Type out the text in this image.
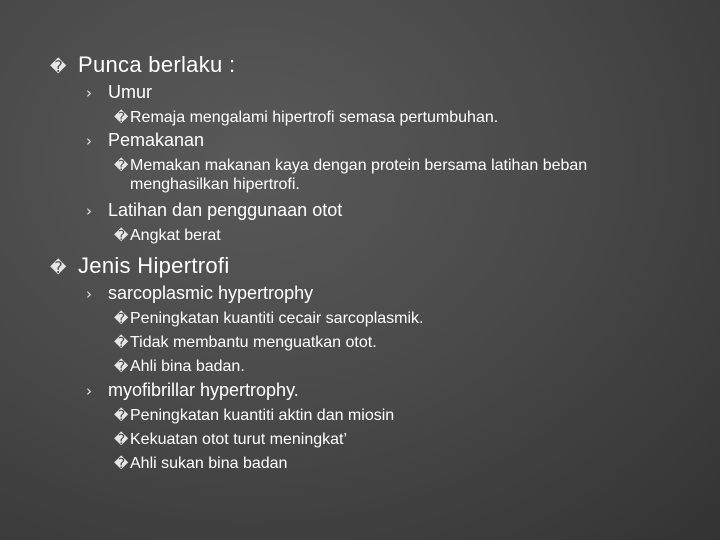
� Punca berlaku :
› Umur
� Remaja mengalami hipertrofi semasa pertumbuhan.
› Pemakanan
� Memakan makanan kaya dengan protein bersama latihan beban menghasilkan hipertrofi.
› Latihan dan penggunaan otot
� Angkat berat
� Jenis Hipertrofi
› sarcoplasmic hypertrophy
� Peningkatan kuantiti cecair sarcoplasmik.
� Tidak membantu menguatkan otot.
� Ahli bina badan.
› myofibrillar hypertrophy.
� Peningkatan kuantiti aktin dan miosin
� Kekuatan otot turut meningkat’
� Ahli sukan bina badan
